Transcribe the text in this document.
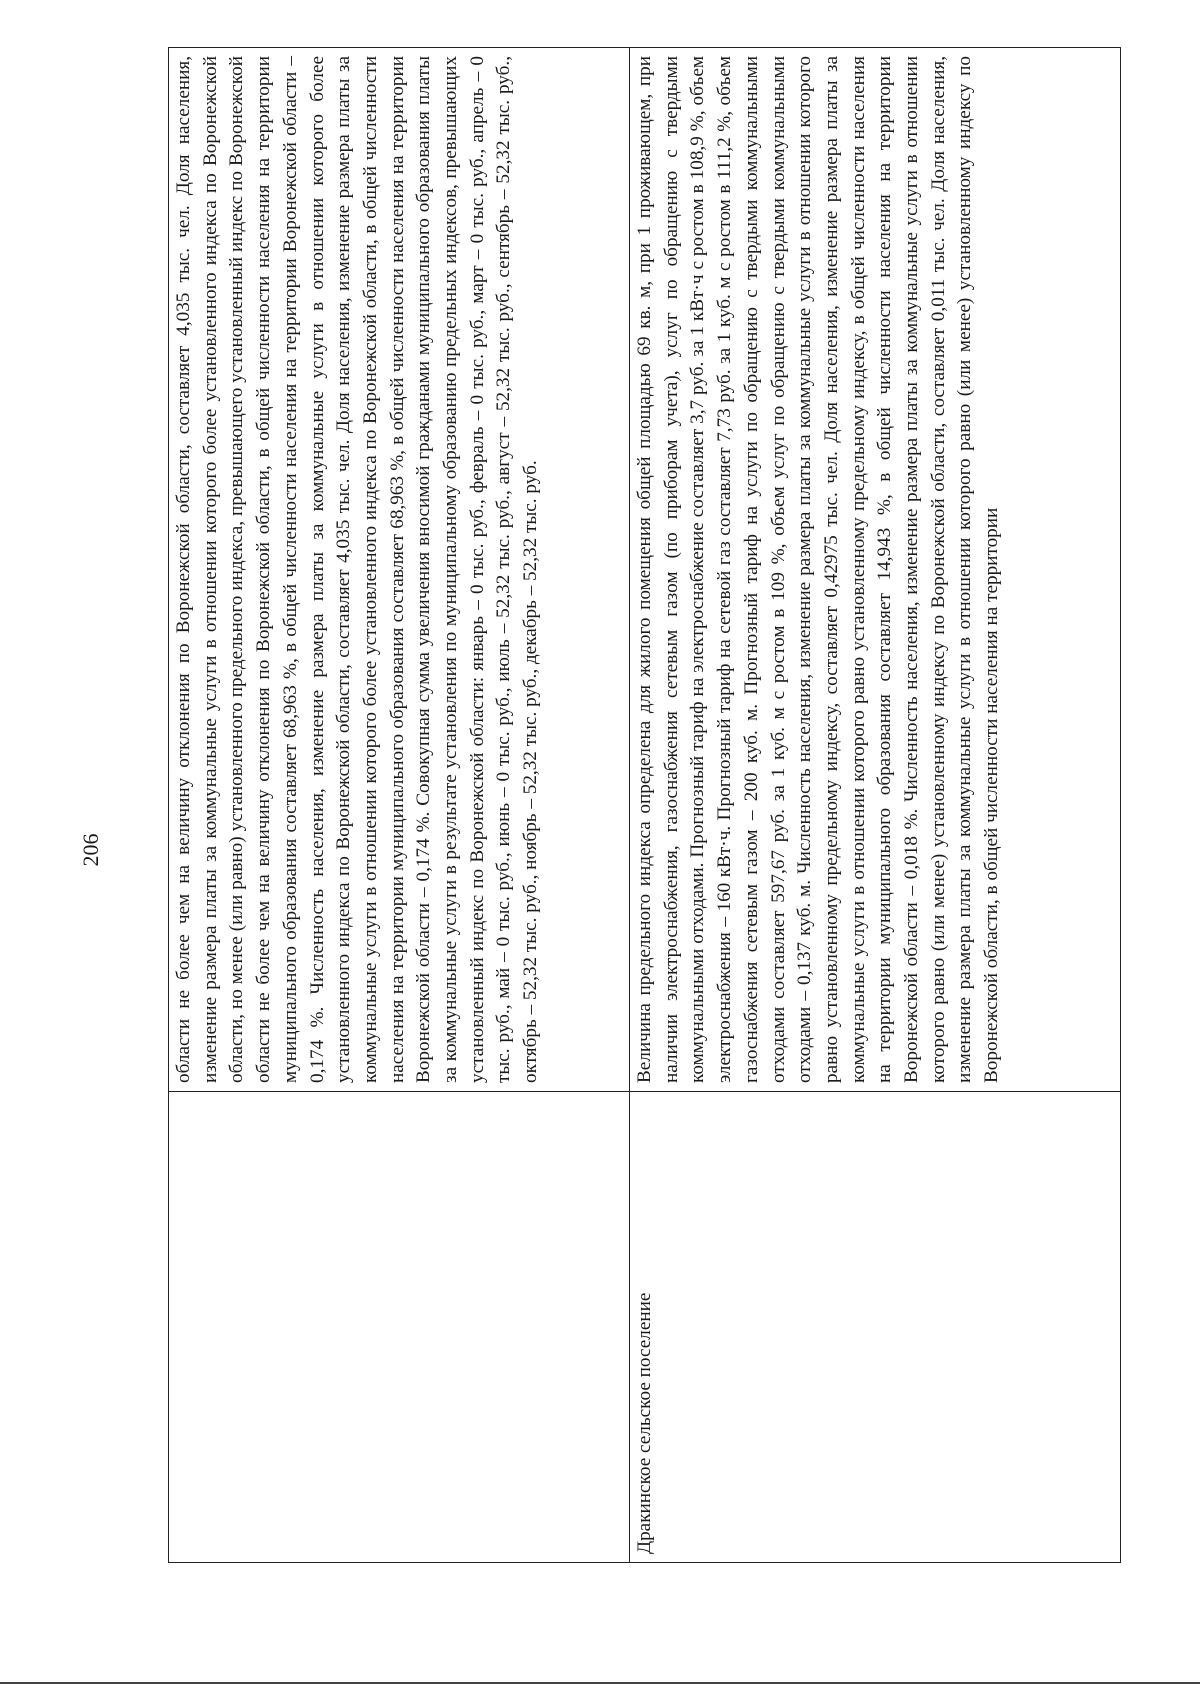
206

	области не более чем на величину отклонения по Воронежской области, составляет 4,035 тыс. чел. Доля населения, изменение размера платы за коммунальные услуги в отношении которого более установленного индекса по Воронежской области, но менее (или равно) установленного предельного индекса, превышающего установленный индекс по Воронежской области не более чем на величину отклонения по Воронежской области, в общей численности населения на территории муниципального образования составляет 68,963 %, в общей численности населения на территории Воронежской области – 0,174 %. Численность населения, изменение размера платы за коммунальные услуги в отношении которого более установленного индекса по Воронежской области, составляет 4,035 тыс. чел. Доля населения, изменение размера платы за коммунальные услуги в отношении которого более установленного индекса по Воронежской области, в общей численности населения на территории муниципального образования составляет 68,963 %, в общей численности населения на территории Воронежской области – 0,174 %. Совокупная сумма увеличения вносимой гражданами муниципального образования платы за коммунальные услуги в результате установления по муниципальному образованию предельных индексов, превышающих установленный индекс по Воронежской области: январь – 0 тыс. руб., февраль – 0 тыс. руб., март – 0 тыс. руб., апрель – 0 тыс. руб., май – 0 тыс. руб., июнь – 0 тыс. руб., июль – 52,32 тыс. руб., август – 52,32 тыс. руб., сентябрь – 52,32 тыс. руб., октябрь – 52,32 тыс. руб., ноябрь – 52,32 тыс. руб., декабрь – 52,32 тыс. руб.

Дракинское сельское поселение	Величина предельного индекса определена для жилого помещения общей площадью 69 кв. м, при 1 проживающем, при наличии электроснабжения, газоснабжения сетевым газом (по приборам учета), услуг по обращению с твердыми коммунальными отходами. Прогнозный тариф на электроснабжение составляет 3,7 руб. за 1 кВт·ч с ростом в 108,9 %, объем электроснабжения – 160 кВт·ч. Прогнозный тариф на сетевой газ составляет 7,73 руб. за 1 куб. м с ростом в 111,2 %, объем газоснабжения сетевым газом – 200 куб. м. Прогнозный тариф на услуги по обращению с твердыми коммунальными отходами составляет 597,67 руб. за 1 куб. м с ростом в 109 %, объем услуг по обращению с твердыми коммунальными отходами – 0,137 куб. м. Численность населения, изменение размера платы за коммунальные услуги в отношении которого равно установленному предельному индексу, составляет 0,42975 тыс. чел. Доля населения, изменение размера платы за коммунальные услуги в отношении которого равно установленному предельному индексу, в общей численности населения на территории муниципального образования составляет 14,943 %, в общей численности населения на территории Воронежской области – 0,018 %. Численность населения, изменение размера платы за коммунальные услуги в отношении которого равно (или менее) установленному индексу по Воронежской области, составляет 0,011 тыс. чел. Доля населения, изменение размера платы за коммунальные услуги в отношении которого равно (или менее) установленному индексу по Воронежской области, в общей численности населения на территории
